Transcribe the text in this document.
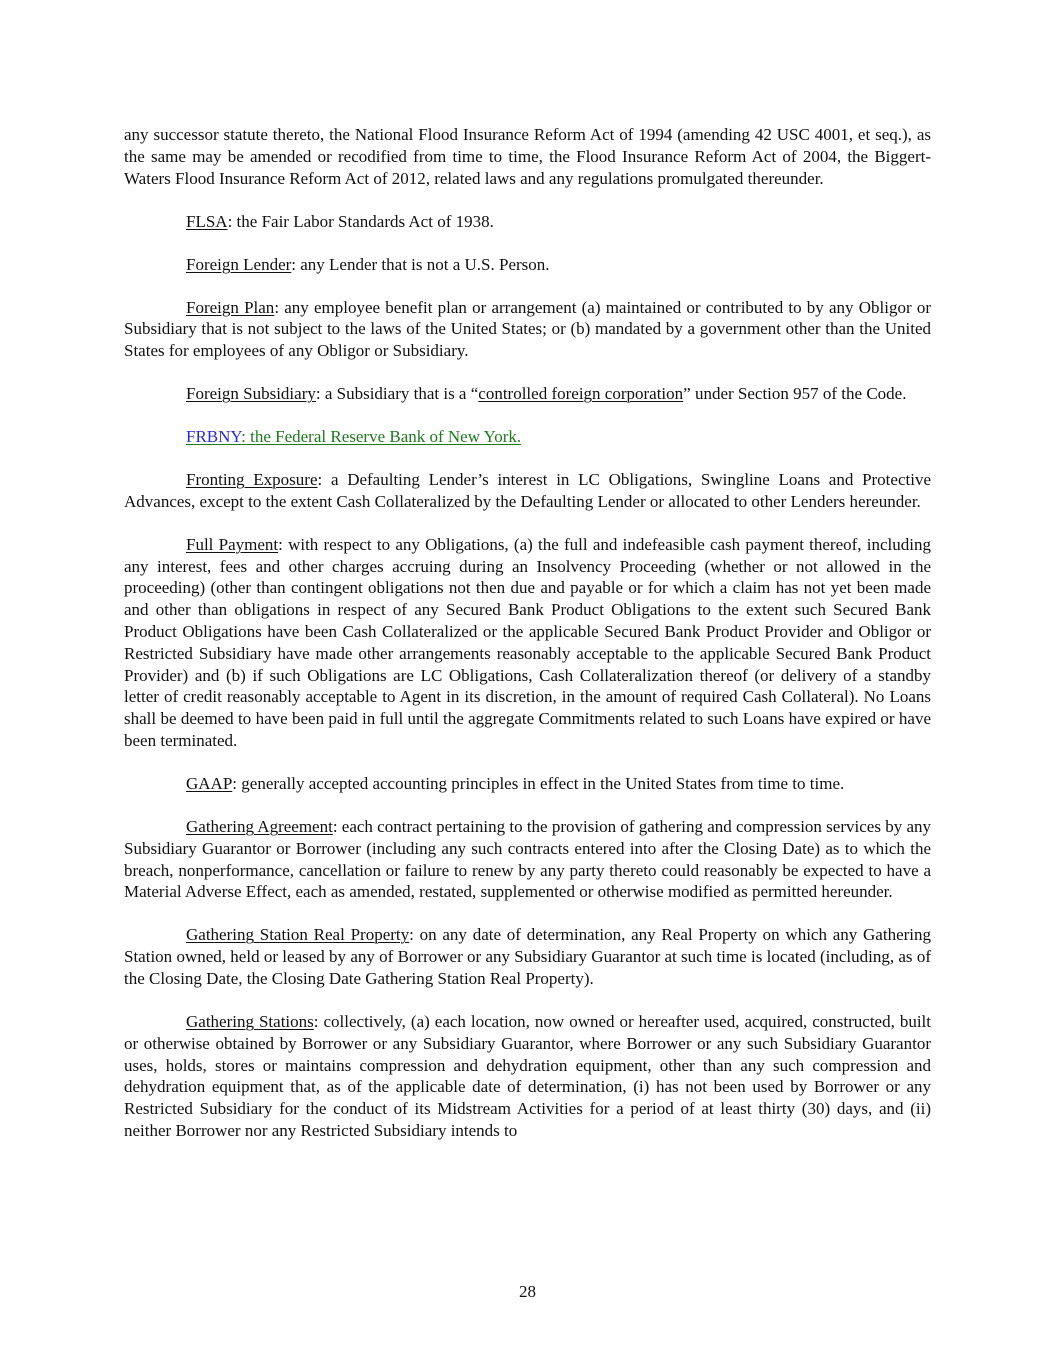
any successor statute thereto, the National Flood Insurance Reform Act of 1994 (amending 42 USC 4001, et seq.), as the same may be amended or recodified from time to time, the Flood Insurance Reform Act of 2004, the Biggert-Waters Flood Insurance Reform Act of 2012, related laws and any regulations promulgated thereunder.

FLSA: the Fair Labor Standards Act of 1938.

Foreign Lender: any Lender that is not a U.S. Person.

Foreign Plan: any employee benefit plan or arrangement (a) maintained or contributed to by any Obligor or Subsidiary that is not subject to the laws of the United States; or (b) mandated by a government other than the United States for employees of any Obligor or Subsidiary.

Foreign Subsidiary: a Subsidiary that is a “controlled foreign corporation” under Section 957 of the Code.

FRBNY: the Federal Reserve Bank of New York.

Fronting Exposure: a Defaulting Lender’s interest in LC Obligations, Swingline Loans and Protective Advances, except to the extent Cash Collateralized by the Defaulting Lender or allocated to other Lenders hereunder.

Full Payment: with respect to any Obligations, (a) the full and indefeasible cash payment thereof, including any interest, fees and other charges accruing during an Insolvency Proceeding (whether or not allowed in the proceeding) (other than contingent obligations not then due and payable or for which a claim has not yet been made and other than obligations in respect of any Secured Bank Product Obligations to the extent such Secured Bank Product Obligations have been Cash Collateralized or the applicable Secured Bank Product Provider and Obligor or Restricted Subsidiary have made other arrangements reasonably acceptable to the applicable Secured Bank Product Provider) and (b) if such Obligations are LC Obligations, Cash Collateralization thereof (or delivery of a standby letter of credit reasonably acceptable to Agent in its discretion, in the amount of required Cash Collateral). No Loans shall be deemed to have been paid in full until the aggregate Commitments related to such Loans have expired or have been terminated.

GAAP: generally accepted accounting principles in effect in the United States from time to time.

Gathering Agreement: each contract pertaining to the provision of gathering and compression services by any Subsidiary Guarantor or Borrower (including any such contracts entered into after the Closing Date) as to which the breach, nonperformance, cancellation or failure to renew by any party thereto could reasonably be expected to have a Material Adverse Effect, each as amended, restated, supplemented or otherwise modified as permitted hereunder.

Gathering Station Real Property: on any date of determination, any Real Property on which any Gathering Station owned, held or leased by any of Borrower or any Subsidiary Guarantor at such time is located (including, as of the Closing Date, the Closing Date Gathering Station Real Property).

Gathering Stations: collectively, (a) each location, now owned or hereafter used, acquired, constructed, built or otherwise obtained by Borrower or any Subsidiary Guarantor, where Borrower or any such Subsidiary Guarantor uses, holds, stores or maintains compression and dehydration equipment, other than any such compression and dehydration equipment that, as of the applicable date of determination, (i) has not been used by Borrower or any Restricted Subsidiary for the conduct of its Midstream Activities for a period of at least thirty (30) days, and (ii) neither Borrower nor any Restricted Subsidiary intends to

28
